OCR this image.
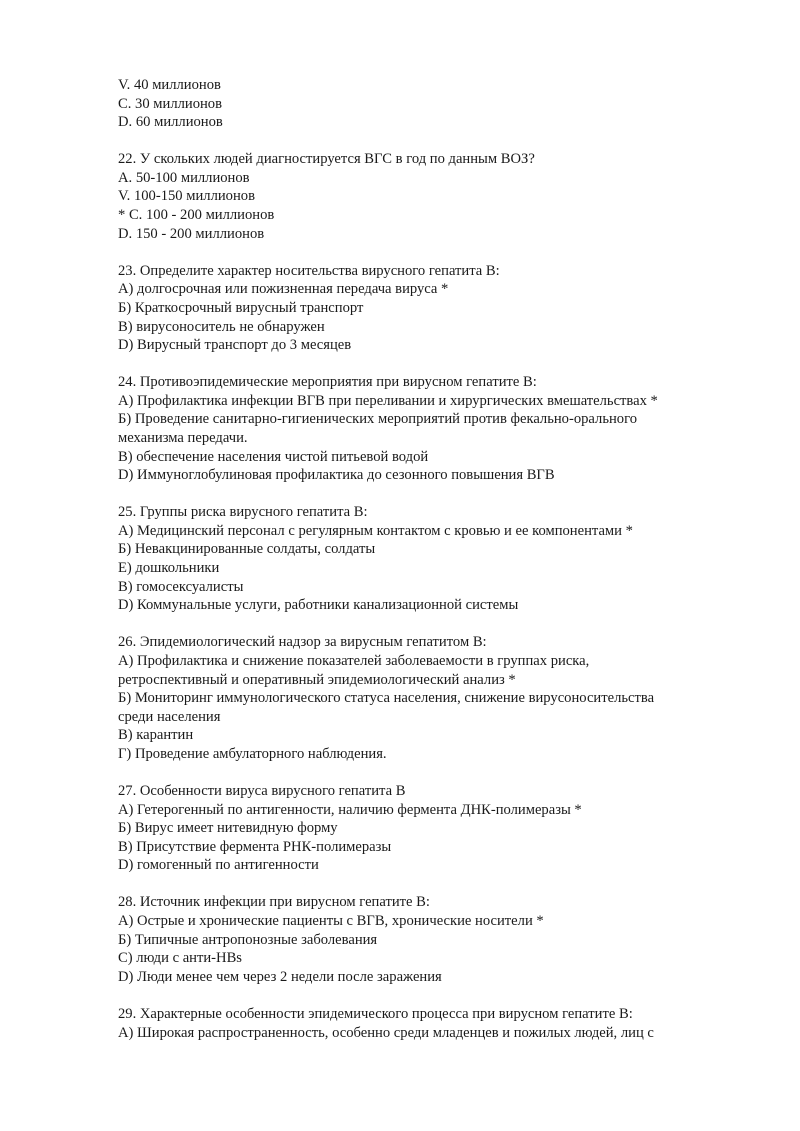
V. 40 миллионов
C. 30 миллионов
D. 60 миллионов
22. У скольких людей диагностируется ВГС в год по данным ВОЗ?
A. 50-100 миллионов
V. 100-150 миллионов
* C. 100 - 200 миллионов
D. 150 - 200 миллионов
23. Определите характер носительства вирусного гепатита В:
A) долгосрочная или пожизненная передача вируса *
Б) Краткосрочный вирусный транспорт
В) вирусоноситель не обнаружен
D) Вирусный транспорт до 3 месяцев
24. Противоэпидемические мероприятия при вирусном гепатите В:
A) Профилактика инфекции ВГВ при переливании и хирургических вмешательствах *
Б) Проведение санитарно-гигиенических мероприятий против фекально-орального
механизма передачи.
В) обеспечение населения чистой питьевой водой
D) Иммуноглобулиновая профилактика до сезонного повышения ВГВ
25. Группы риска вирусного гепатита В:
A) Медицинский персонал с регулярным контактом с кровью и ее компонентами *
Б) Невакцинированные солдаты, солдаты
E) дошкольники
В) гомосексуалисты
D) Коммунальные услуги, работники канализационной системы
26. Эпидемиологический надзор за вирусным гепатитом В:
A) Профилактика и снижение показателей заболеваемости в группах риска,
ретроспективный и оперативный эпидемиологический анализ *
Б) Мониторинг иммунологического статуса населения, снижение вирусоносительства
среди населения
В) карантин
Г) Проведение амбулаторного наблюдения.
27. Особенности вируса вирусного гепатита В
A) Гетерогенный по антигенности, наличию фермента ДНК-полимеразы *
Б) Вирус имеет нитевидную форму
В) Присутствие фермента РНК-полимеразы
D) гомогенный по антигенности
28. Источник инфекции при вирусном гепатите В:
A) Острые и хронические пациенты с ВГВ, хронические носители *
Б) Типичные антропонозные заболевания
C) люди с анти-НВs
D) Люди менее чем через 2 недели после заражения
29. Характерные особенности эпидемического процесса при вирусном гепатите В:
A) Широкая распространенность, особенно среди младенцев и пожилых людей, лиц с
